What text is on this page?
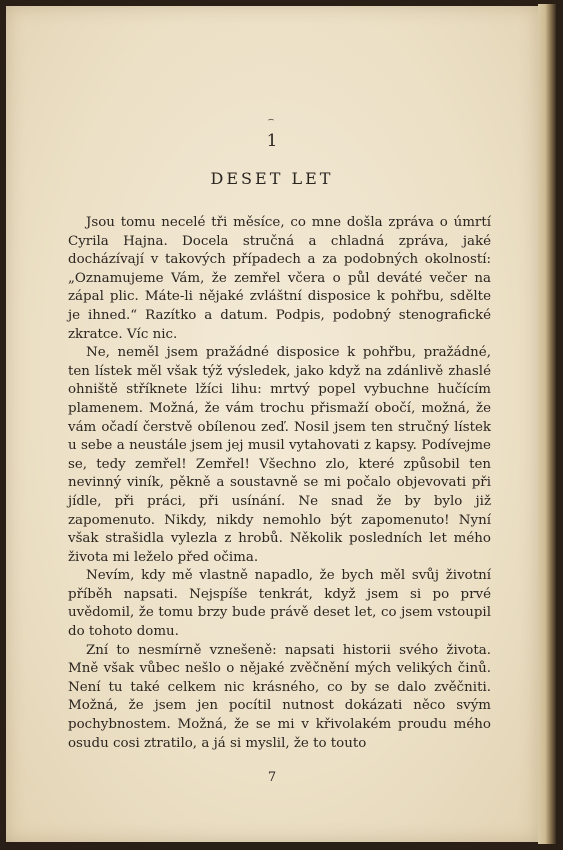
1
DESET LET

Jsou tomu necelé tři měsíce, co mne došla zpráva o úmrtí Cyrila Hajna. Docela stručná a chladná zpráva, jaké docházívají v takových případech a za podobných okolností: „Oznamujeme Vám, že zemřel včera o půl deváté večer na zápal plic. Máte-li nějaké zvláštní disposice k pohřbu, sdělte je ihned.“ Razítko a datum. Podpis, podobný stenografické zkratce. Víc nic.

Ne, neměl jsem pražádné disposice k pohřbu, pražádné, ten lístek měl však týž výsledek, jako když na zdánlivě zhaslé ohniště stříknete lžíci lihu: mrtvý popel vybuchne hučícím plamenem. Možná, že vám trochu přismaží obočí, možná, že vám očadí čerstvě obílenou zeď. Nosil jsem ten stručný lístek u sebe a neustále jsem jej musil vytahovati z kapsy. Podívejme se, tedy zemřel! Zemřel! Všechno zlo, které způsobil ten nevinný viník, pěkně a soustavně se mi počalo objevovati při jídle, při práci, při usínání. Ne snad že by bylo již zapomenuto. Nikdy, nikdy nemohlo být zapomenuto! Nyní však strašidla vylezla z hrobů. Několik posledních let mého života mi leželo před očima.

Nevím, kdy mě vlastně napadlo, že bych měl svůj životní příběh napsati. Nejspíše tenkrát, když jsem si po prvé uvědomil, že tomu brzy bude právě deset let, co jsem vstoupil do tohoto domu.

Zní to nesmírně vznešeně: napsati historii svého života. Mně však vůbec nešlo o nějaké zvěčnění mých velikých činů. Není tu také celkem nic krásného, co by se dalo zvěčniti. Možná, že jsem jen pocítil nutnost dokázati něco svým pochybnostem. Možná, že se mi v křivolakém proudu mého osudu cosi ztratilo, a já si myslil, že to touto

7
